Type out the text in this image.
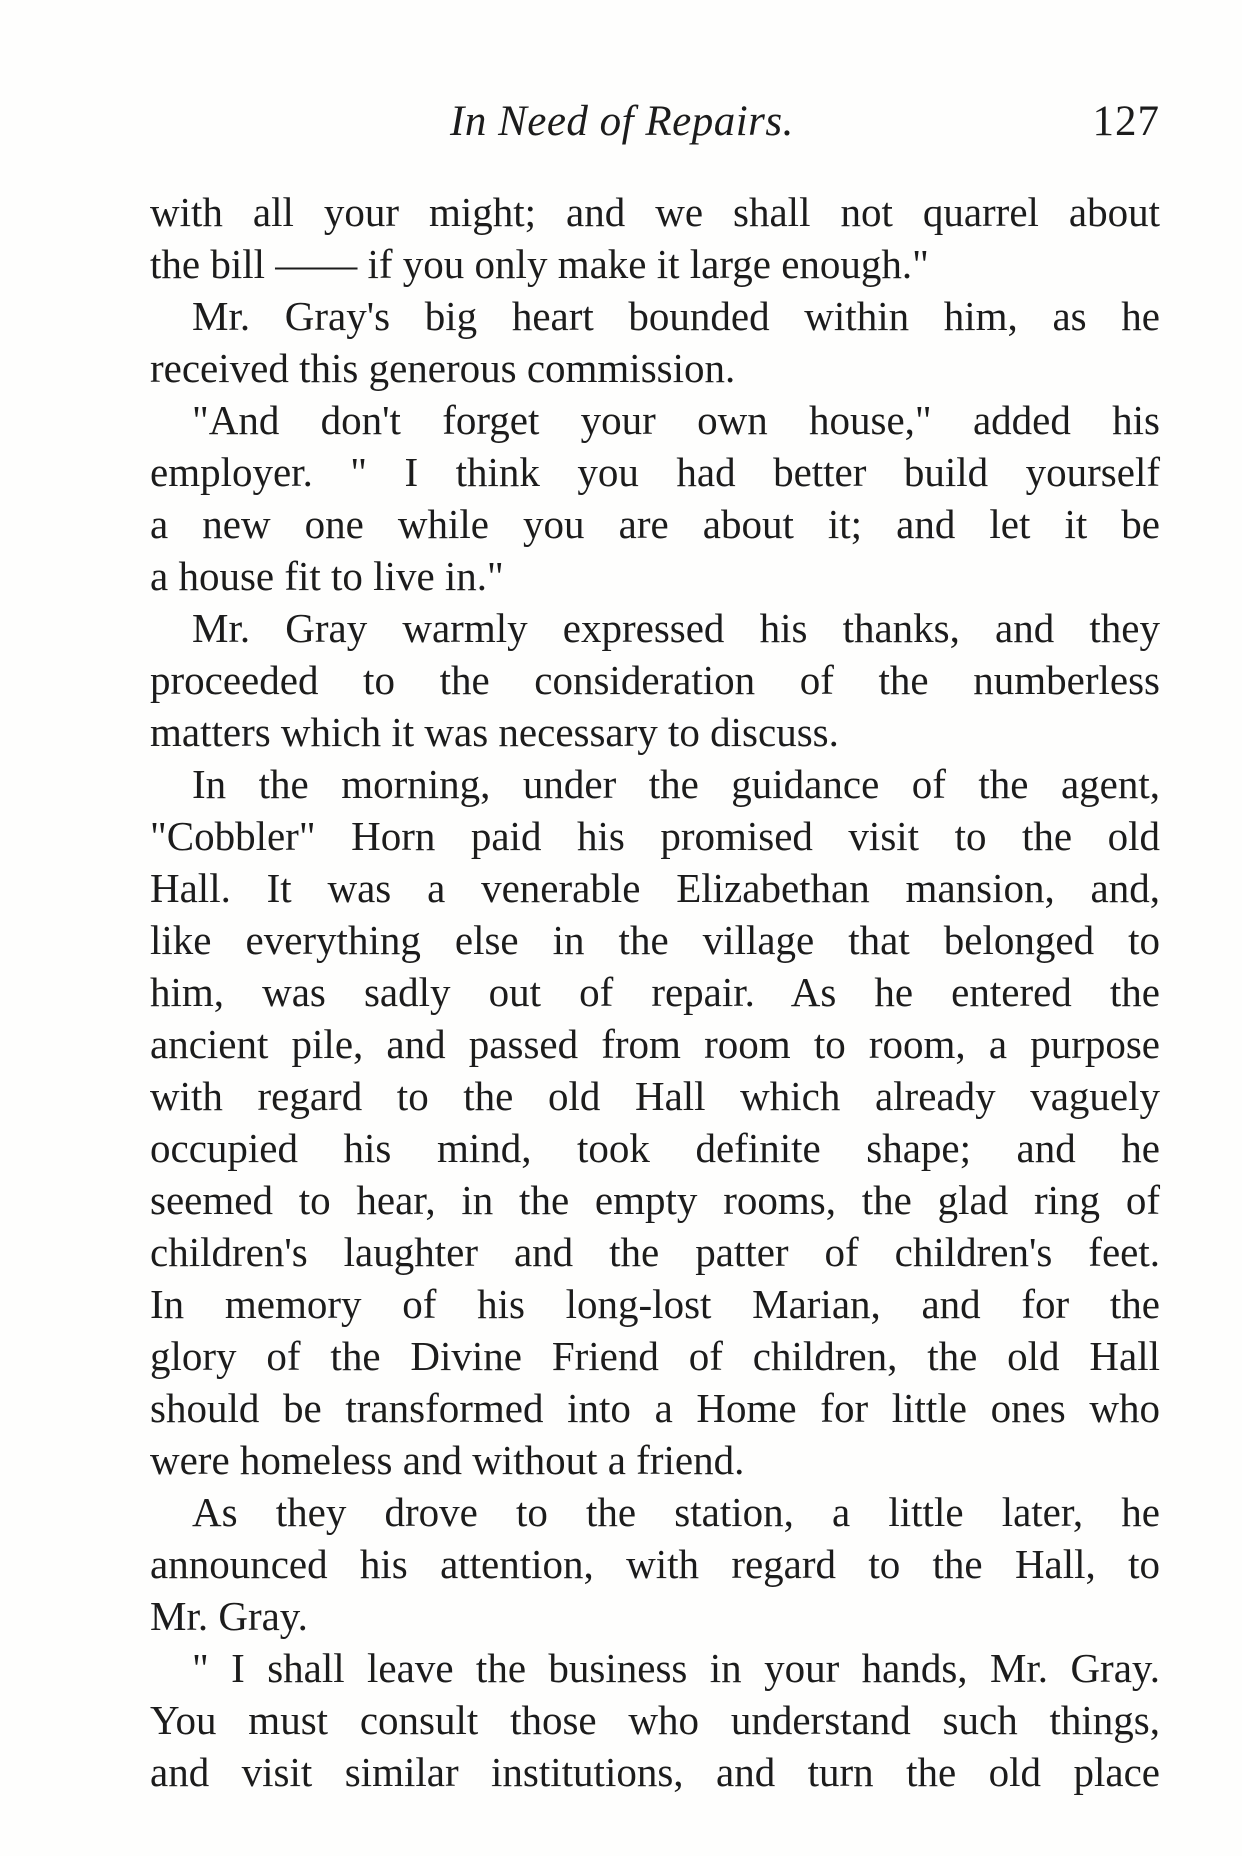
In Need of Repairs.	127
with all your might; and we shall not quarrel about
the bill —— if you only make it large enough."
Mr. Gray's big heart bounded within him, as he
received this generous commission.
"And don't forget your own house," added his
employer. " I think you had better build yourself
a new one while you are about it; and let it be
a house fit to live in."
Mr. Gray warmly expressed his thanks, and they
proceeded to the consideration of the numberless
matters which it was necessary to discuss.
In the morning, under the guidance of the agent,
"Cobbler" Horn paid his promised visit to the old
Hall. It was a venerable Elizabethan mansion, and,
like everything else in the village that belonged to
him, was sadly out of repair. As he entered the
ancient pile, and passed from room to room, a purpose
with regard to the old Hall which already vaguely
occupied his mind, took definite shape; and he
seemed to hear, in the empty rooms, the glad ring of
children's laughter and the patter of children's feet.
In memory of his long-lost Marian, and for the
glory of the Divine Friend of children, the old Hall
should be transformed into a Home for little ones who
were homeless and without a friend.
As they drove to the station, a little later, he
announced his attention, with regard to the Hall, to
Mr. Gray.
" I shall leave the business in your hands, Mr. Gray.
You must consult those who understand such things,
and visit similar institutions, and turn the old place
